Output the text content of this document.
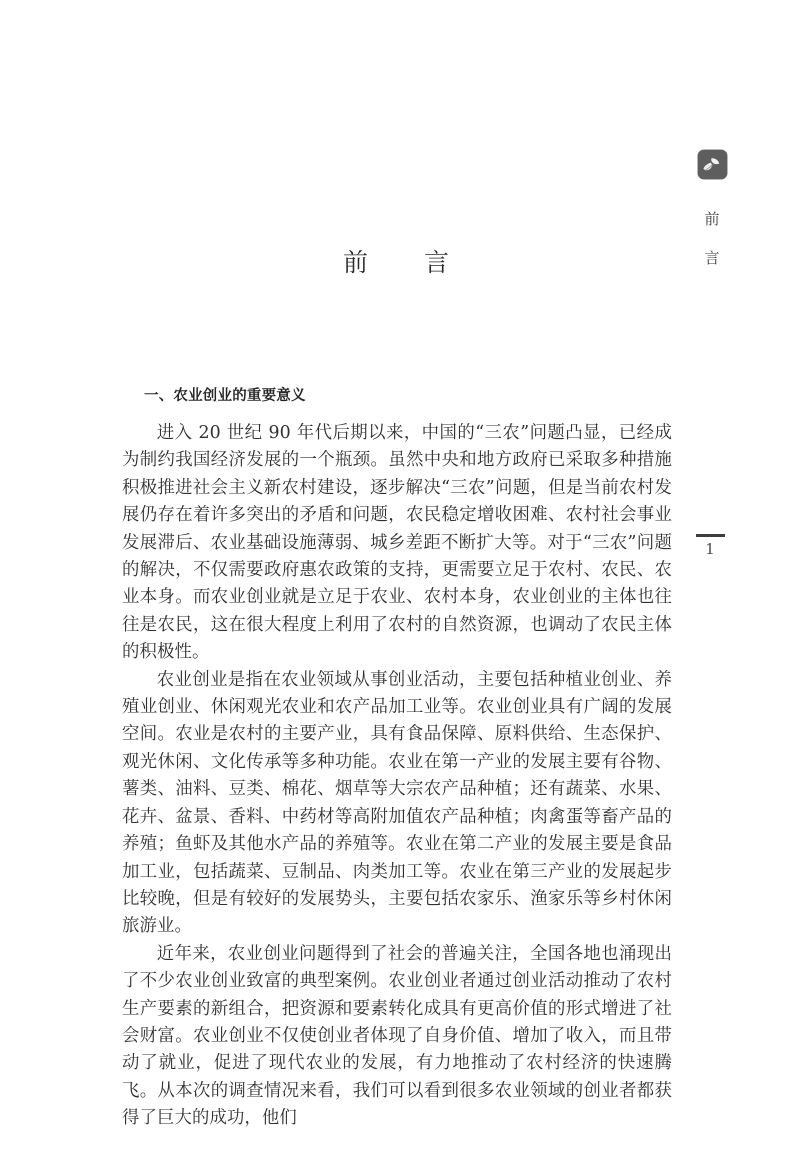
前
言
1
前 言
一、农业创业的重要意义

进入 20 世纪 90 年代后期以来，中国的“三农”问题凸显，已经成为制约我国经济发展的一个瓶颈。虽然中央和地方政府已采取多种措施积极推进社会主义新农村建设，逐步解决“三农”问题，但是当前农村发展仍存在着许多突出的矛盾和问题，农民稳定增收困难、农村社会事业发展滞后、农业基础设施薄弱、城乡差距不断扩大等。对于“三农”问题的解决，不仅需要政府惠农政策的支持，更需要立足于农村、农民、农业本身。而农业创业就是立足于农业、农村本身，农业创业的主体也往往是农民，这在很大程度上利用了农村的自然资源，也调动了农民主体的积极性。

农业创业是指在农业领域从事创业活动，主要包括种植业创业、养殖业创业、休闲观光农业和农产品加工业等。农业创业具有广阔的发展空间。农业是农村的主要产业，具有食品保障、原料供给、生态保护、观光休闲、文化传承等多种功能。农业在第一产业的发展主要有谷物、薯类、油料、豆类、棉花、烟草等大宗农产品种植；还有蔬菜、水果、花卉、盆景、香料、中药材等高附加值农产品种植；肉禽蛋等畜产品的养殖；鱼虾及其他水产品的养殖等。农业在第二产业的发展主要是食品加工业，包括蔬菜、豆制品、肉类加工等。农业在第三产业的发展起步比较晚，但是有较好的发展势头，主要包括农家乐、渔家乐等乡村休闲旅游业。

近年来，农业创业问题得到了社会的普遍关注，全国各地也涌现出了不少农业创业致富的典型案例。农业创业者通过创业活动推动了农村生产要素的新组合，把资源和要素转化成具有更高价值的形式增进了社会财富。农业创业不仅使创业者体现了自身价值、增加了收入，而且带动了就业，促进了现代农业的发展，有力地推动了农村经济的快速腾飞。从本次的调查情况来看，我们可以看到很多农业领域的创业者都获得了巨大的成功，他们
